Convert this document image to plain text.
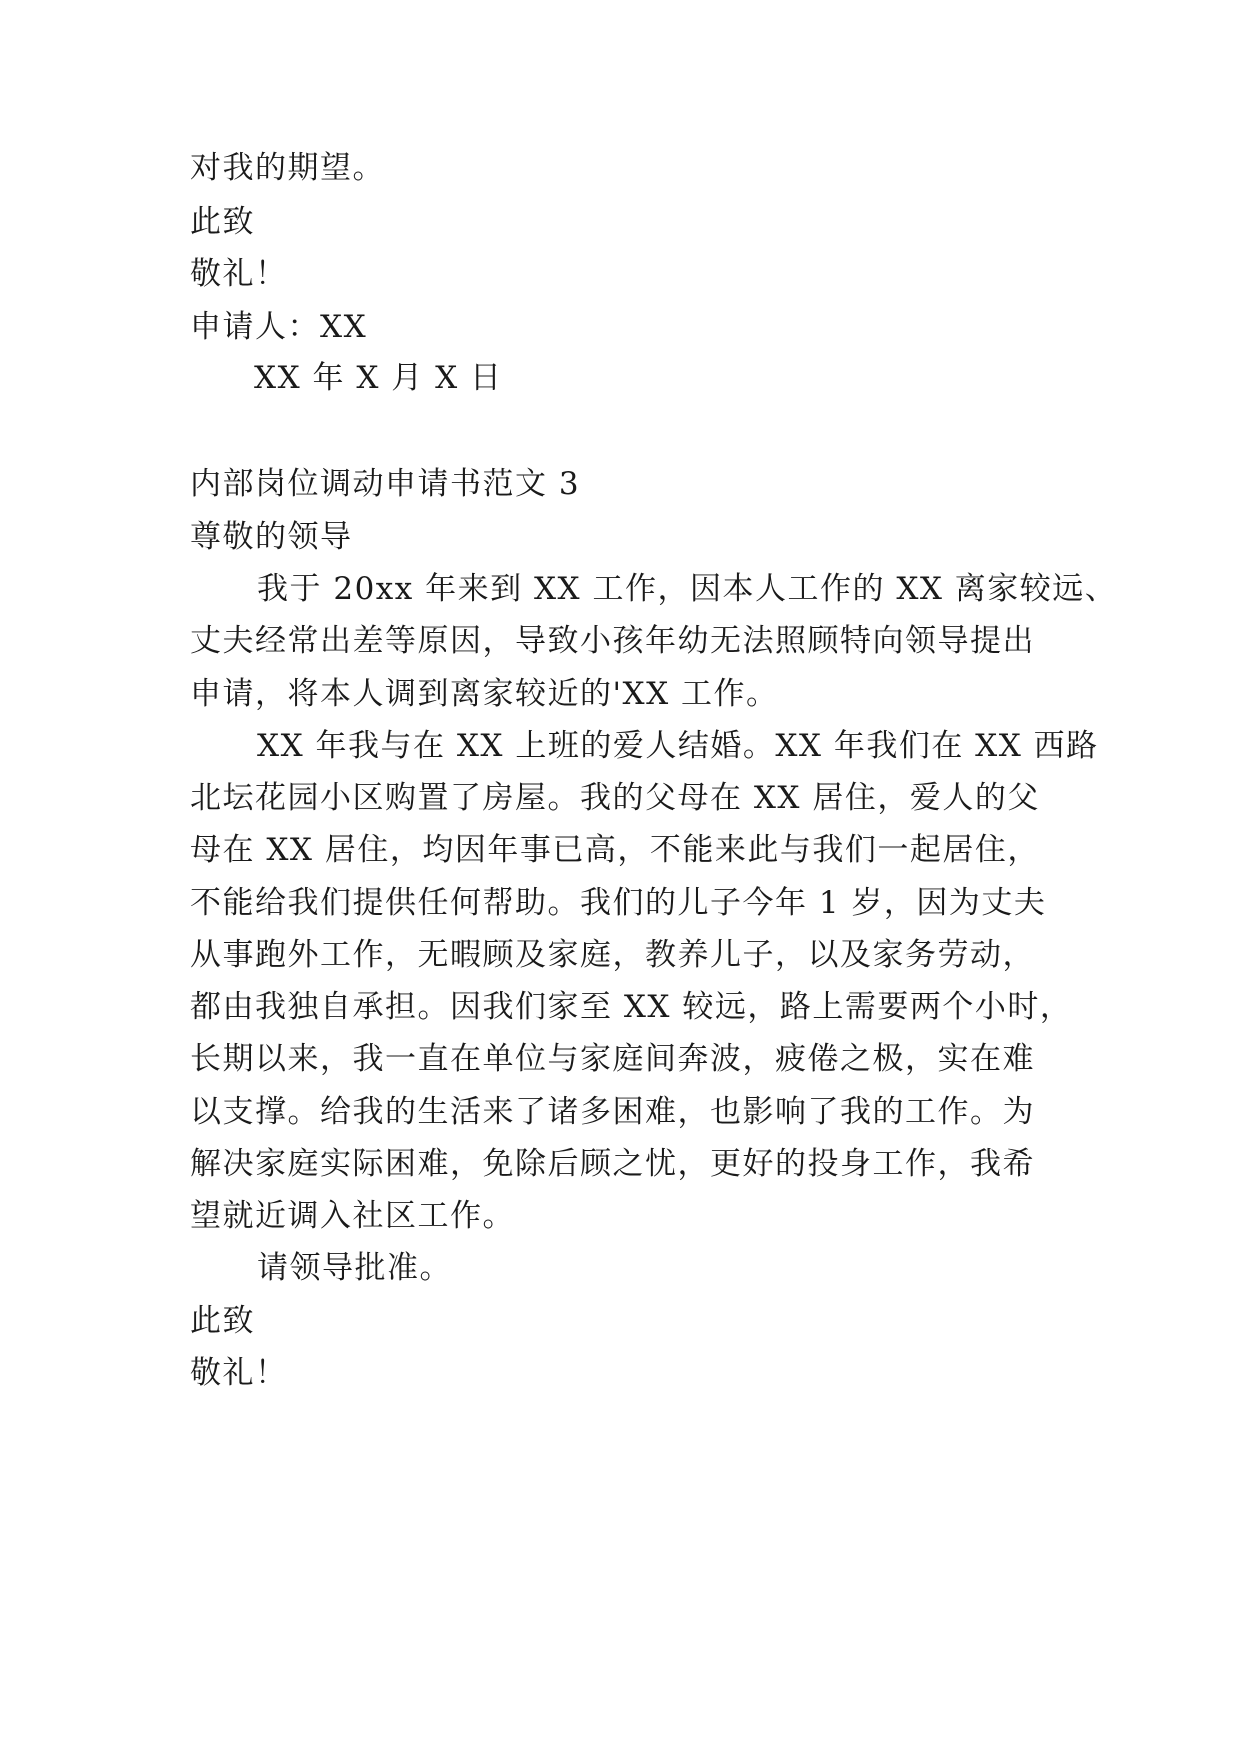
对我的期望。
此致
敬礼！
申请人：XX
XX 年 X 月 X 日
内部岗位调动申请书范文 3
尊敬的领导
我于 20xx 年来到 XX 工作，因本人工作的 XX 离家较远、
丈夫经常出差等原因，导致小孩年幼无法照顾特向领导提出
申请，将本人调到离家较近的'XX 工作。
XX 年我与在 XX 上班的爱人结婚。XX 年我们在 XX 西路
北坛花园小区购置了房屋。我的父母在 XX 居住，爱人的父
母在 XX 居住，均因年事已高，不能来此与我们一起居住，
不能给我们提供任何帮助。我们的儿子今年 1 岁，因为丈夫
从事跑外工作，无暇顾及家庭，教养儿子，以及家务劳动，
都由我独自承担。因我们家至 XX 较远，路上需要两个小时，
长期以来，我一直在单位与家庭间奔波，疲倦之极，实在难
以支撑。给我的生活来了诸多困难，也影响了我的工作。为
解决家庭实际困难，免除后顾之忧，更好的投身工作，我希
望就近调入社区工作。
请领导批准。
此致
敬礼！
